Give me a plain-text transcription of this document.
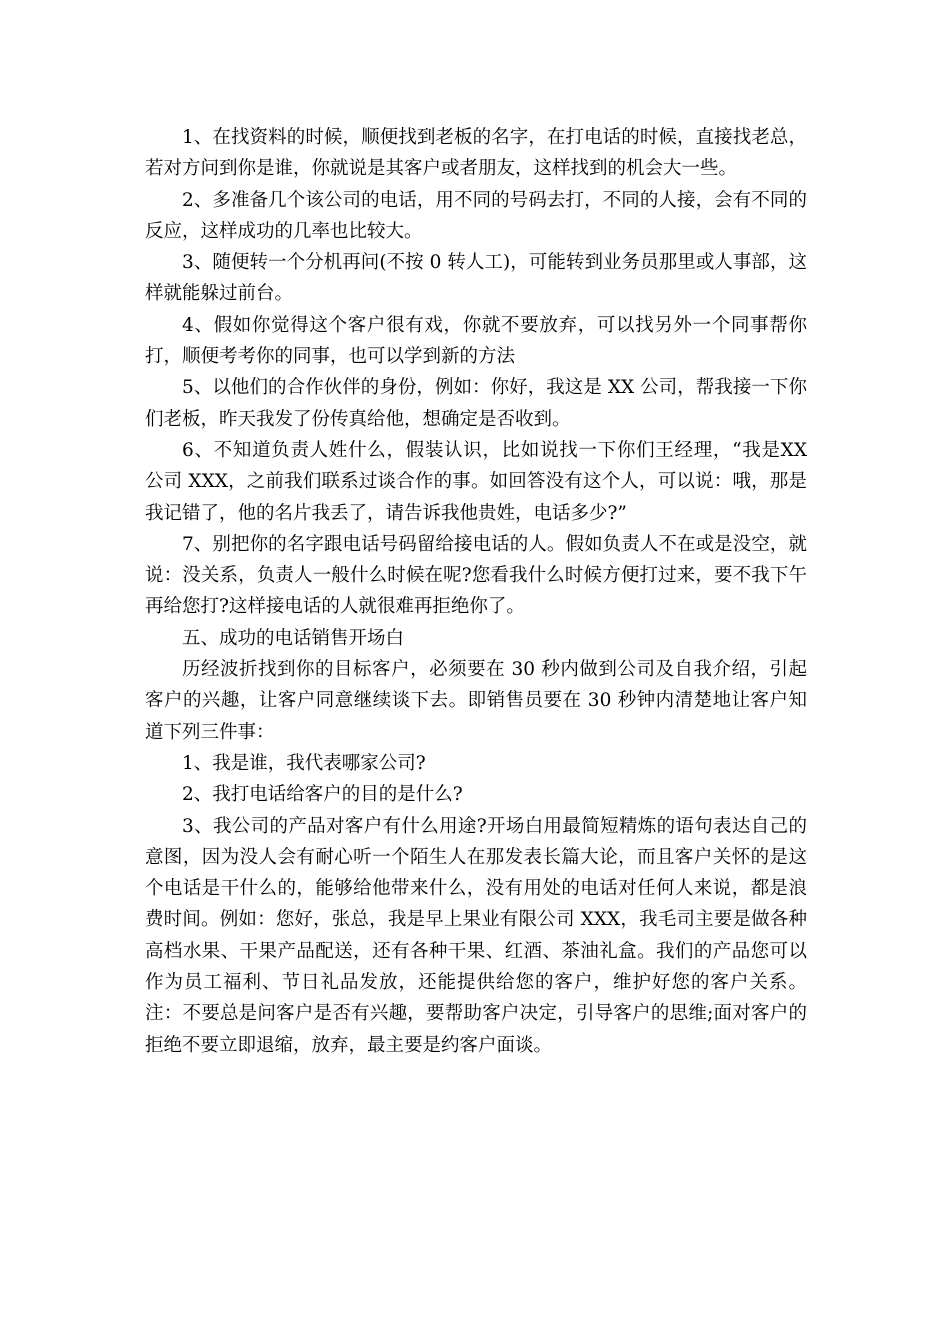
1、在找资料的时候，顺便找到老板的名字，在打电话的时候，直接找老总，若对方问到你是谁，你就说是其客户或者朋友，这样找到的机会大一些。

2、多准备几个该公司的电话，用不同的号码去打，不同的人接，会有不同的反应，这样成功的几率也比较大。

3、随便转一个分机再问(不按 0 转人工)，可能转到业务员那里或人事部，这样就能躲过前台。

4、假如你觉得这个客户很有戏，你就不要放弃，可以找另外一个同事帮你打，顺便考考你的同事，也可以学到新的方法

5、以他们的合作伙伴的身份，例如：你好，我这是 XX 公司，帮我接一下你们老板，昨天我发了份传真给他，想确定是否收到。

6、不知道负责人姓什么，假装认识，比如说找一下你们王经理，“我是XX 公司 XXX，之前我们联系过谈合作的事。如回答没有这个人，可以说：哦，那是我记错了，他的名片我丢了，请告诉我他贵姓，电话多少?”

7、别把你的名字跟电话号码留给接电话的人。假如负责人不在或是没空，就说：没关系，负责人一般什么时候在呢?您看我什么时候方便打过来，要不我下午再给您打?这样接电话的人就很难再拒绝你了。

五、成功的电话销售开场白

历经波折找到你的目标客户，必须要在 30 秒内做到公司及自我介绍，引起客户的兴趣，让客户同意继续谈下去。即销售员要在 30 秒钟内清楚地让客户知道下列三件事：

1、我是谁，我代表哪家公司?

2、我打电话给客户的目的是什么?

3、我公司的产品对客户有什么用途?开场白用最简短精炼的语句表达自己的意图，因为没人会有耐心听一个陌生人在那发表长篇大论，而且客户关怀的是这个电话是干什么的，能够给他带来什么，没有用处的电话对任何人来说，都是浪费时间。例如：您好，张总，我是早上果业有限公司 XXX，我毛司主要是做各种高档水果、干果产品配送，还有各种干果、红酒、茶油礼盒。我们的产品您可以作为员工福利、节日礼品发放，还能提供给您的客户，维护好您的客户关系。注：不要总是问客户是否有兴趣，要帮助客户决定，引导客户的思维;面对客户的拒绝不要立即退缩，放弃，最主要是约客户面谈。
